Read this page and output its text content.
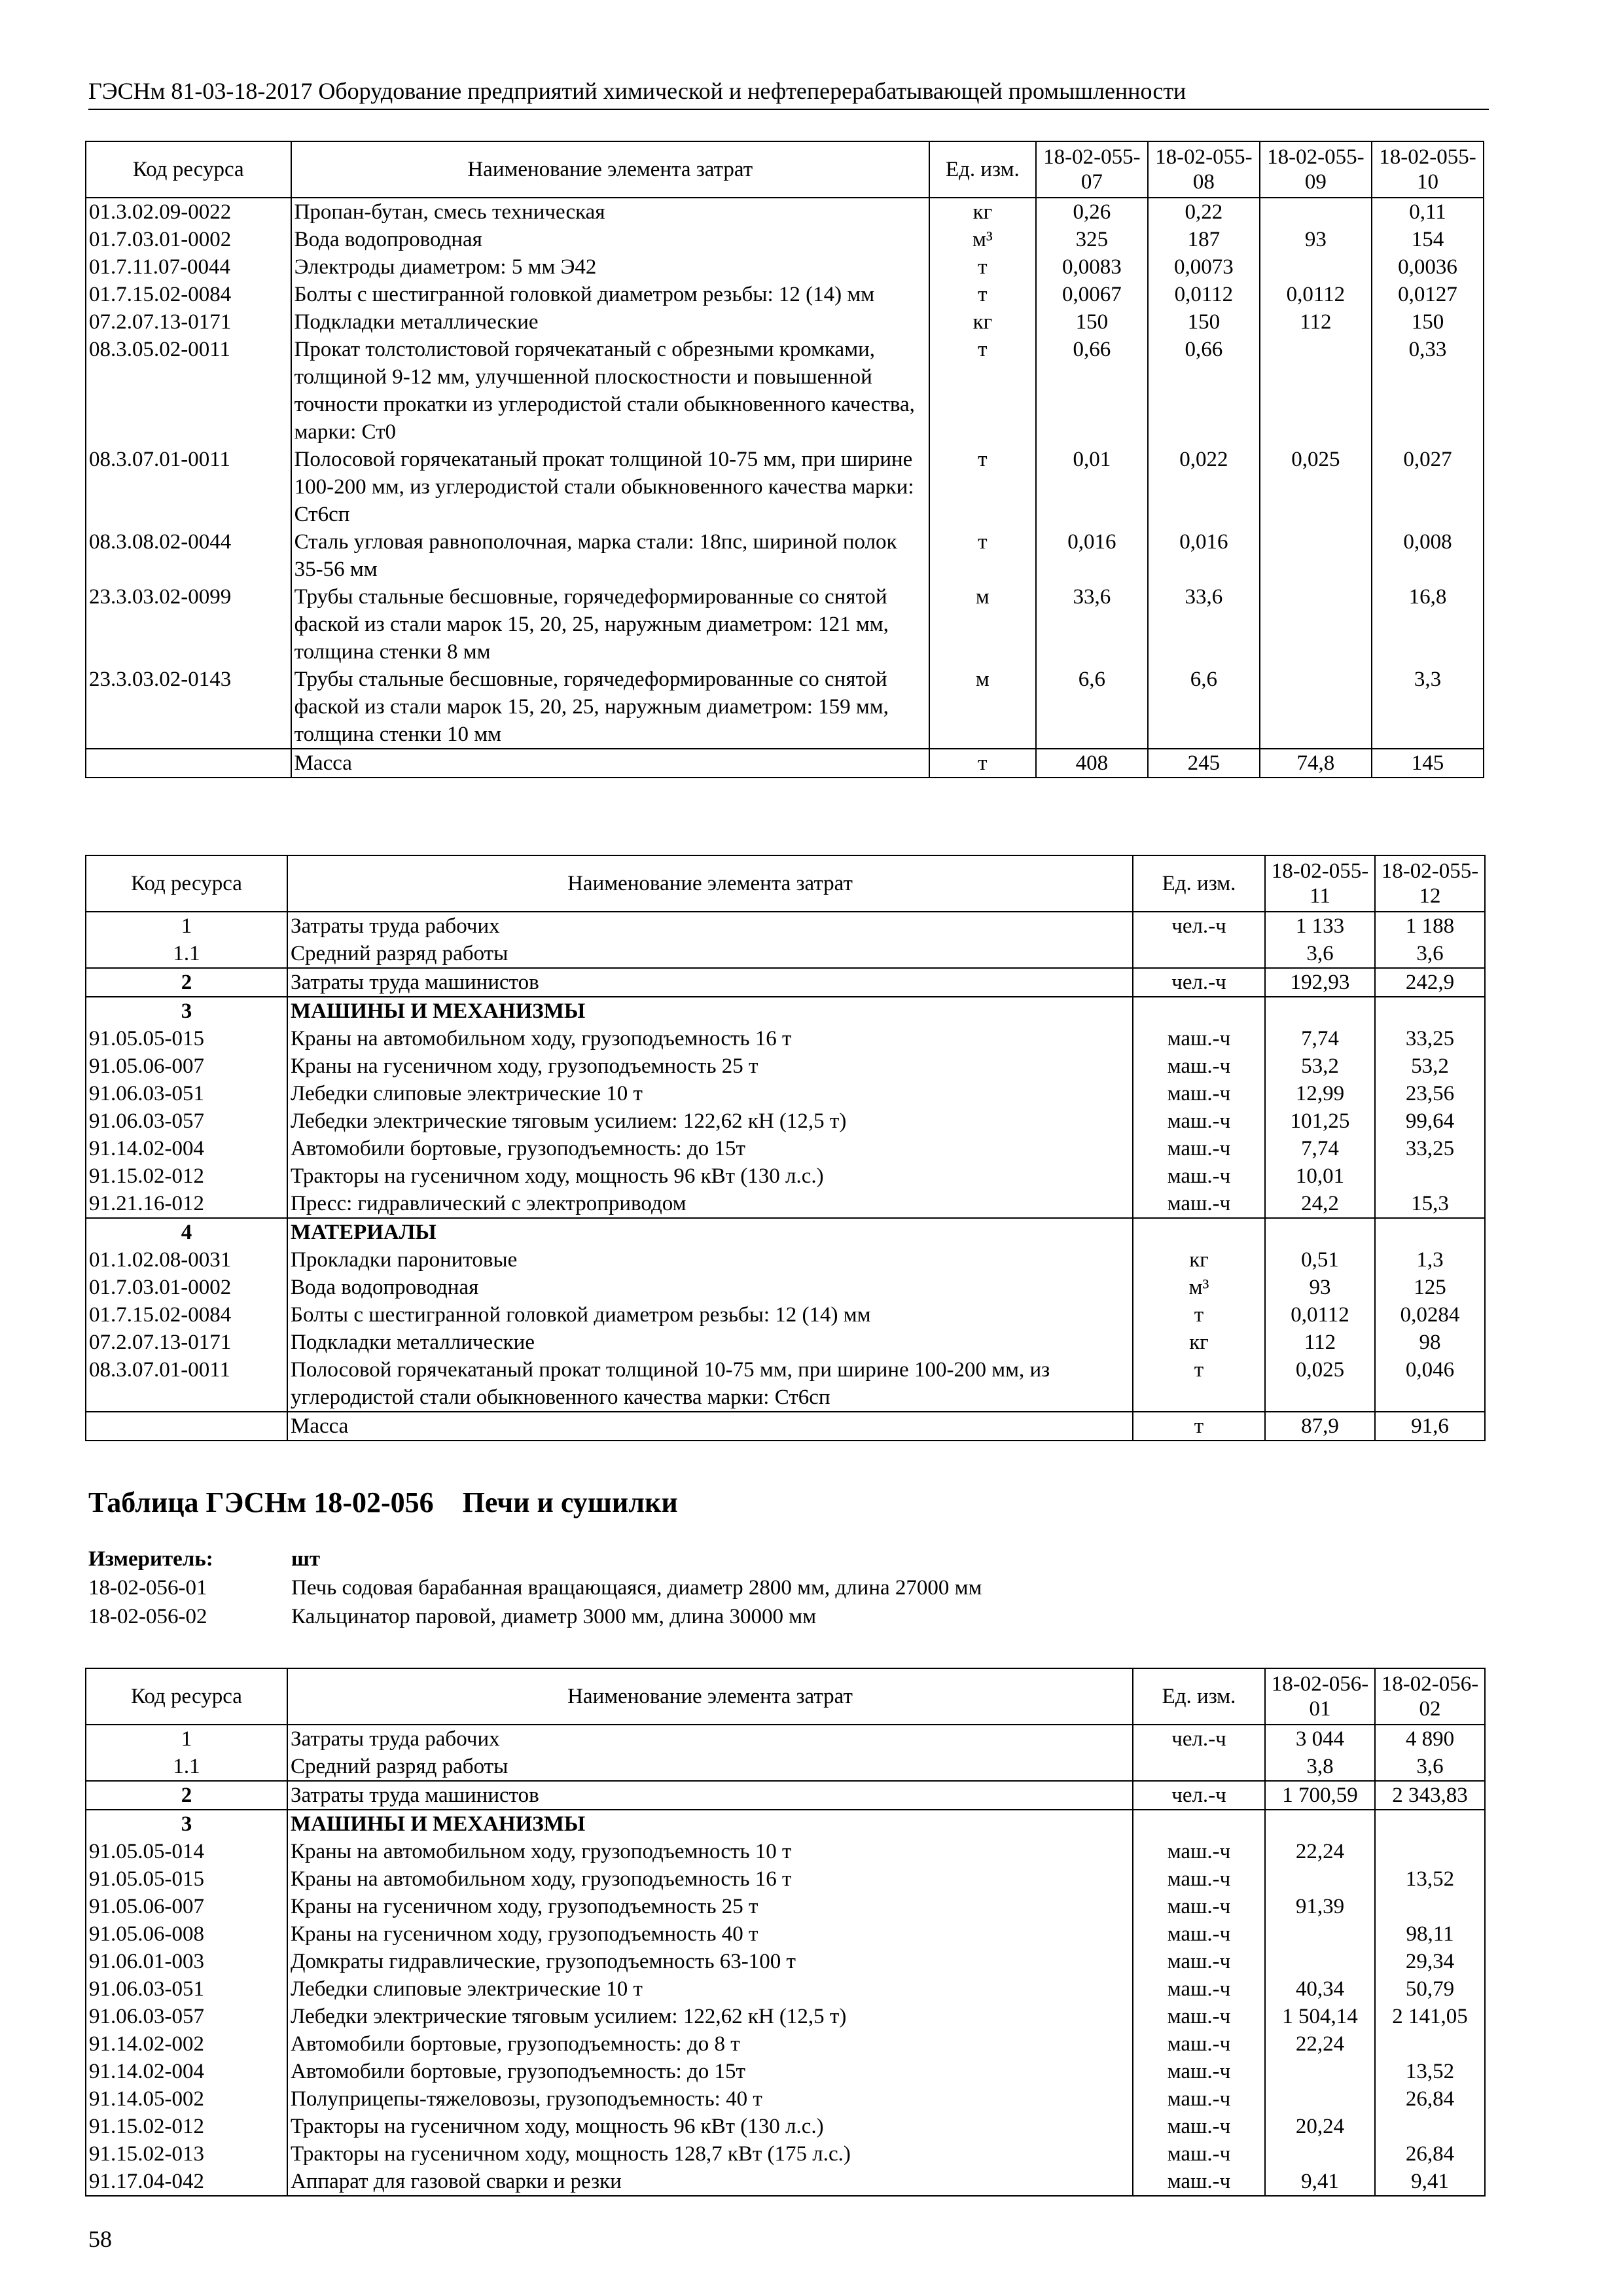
ГЭСНм 81-03-18-2017 Оборудование предприятий химической и нефтеперерабатывающей промышленности
Код ресурса	Наименование элемента затрат	Ед. изм.	18-02-055-07	18-02-055-08	18-02-055-09	18-02-055-10
01.3.02.09-0022	Пропан-бутан, смесь техническая	кг	0,26	0,22		0,11
01.7.03.01-0002	Вода водопроводная	м³	325	187	93	154
01.7.11.07-0044	Электроды диаметром: 5 мм Э42	т	0,0083	0,0073		0,0036
01.7.15.02-0084	Болты с шестигранной головкой диаметром резьбы: 12 (14) мм	т	0,0067	0,0112	0,0112	0,0127
07.2.07.13-0171	Подкладки металлические	кг	150	150	112	150
08.3.05.02-0011	Прокат толстолистовой горячекатаный с обрезными кромками, толщиной 9-12 мм, улучшенной плоскостности и повышенной точности прокатки из углеродистой стали обыкновенного качества, марки: Ст0	т	0,66	0,66		0,33
08.3.07.01-0011	Полосовой горячекатаный прокат толщиной 10-75 мм, при ширине 100-200 мм, из углеродистой стали обыкновенного качества марки: Ст6сп	т	0,01	0,022	0,025	0,027
08.3.08.02-0044	Сталь угловая равнополочная, марка стали: 18пс, шириной полок 35-56 мм	т	0,016	0,016		0,008
23.3.03.02-0099	Трубы стальные бесшовные, горячедеформированные со снятой фаской из стали марок 15, 20, 25, наружным диаметром: 121 мм, толщина стенки 8 мм	м	33,6	33,6		16,8
23.3.03.02-0143	Трубы стальные бесшовные, горячедеформированные со снятой фаской из стали марок 15, 20, 25, наружным диаметром: 159 мм, толщина стенки 10 мм	м	6,6	6,6		3,3
	Масса	т	408	245	74,8	145
Код ресурса	Наименование элемента затрат	Ед. изм.	18-02-055-11	18-02-055-12
1	Затраты труда рабочих	чел.-ч	1 133	1 188
1.1	Средний разряд работы		3,6	3,6
2	Затраты труда машинистов	чел.-ч	192,93	242,9
3	МАШИНЫ И МЕХАНИЗМЫ			
91.05.05-015	Краны на автомобильном ходу, грузоподъемность 16 т	маш.-ч	7,74	33,25
91.05.06-007	Краны на гусеничном ходу, грузоподъемность 25 т	маш.-ч	53,2	53,2
91.06.03-051	Лебедки слиповые электрические 10 т	маш.-ч	12,99	23,56
91.06.03-057	Лебедки электрические тяговым усилием: 122,62 кН (12,5 т)	маш.-ч	101,25	99,64
91.14.02-004	Автомобили бортовые, грузоподъемность: до 15т	маш.-ч	7,74	33,25
91.15.02-012	Тракторы на гусеничном ходу, мощность 96 кВт (130 л.с.)	маш.-ч	10,01	
91.21.16-012	Пресс: гидравлический с электроприводом	маш.-ч	24,2	15,3
4	МАТЕРИАЛЫ			
01.1.02.08-0031	Прокладки паронитовые	кг	0,51	1,3
01.7.03.01-0002	Вода водопроводная	м³	93	125
01.7.15.02-0084	Болты с шестигранной головкой диаметром резьбы: 12 (14) мм	т	0,0112	0,0284
07.2.07.13-0171	Подкладки металлические	кг	112	98
08.3.07.01-0011	Полосовой горячекатаный прокат толщиной 10-75 мм, при ширине 100-200 мм, из углеродистой стали обыкновенного качества марки: Ст6сп	т	0,025	0,046
	Масса	т	87,9	91,6
Таблица ГЭСНм 18-02-056    Печи и сушилки
Измеритель:	шт
18-02-056-01	Печь содовая барабанная вращающаяся, диаметр 2800 мм, длина 27000 мм
18-02-056-02	Кальцинатор паровой, диаметр 3000 мм, длина 30000 мм
Код ресурса	Наименование элемента затрат	Ед. изм.	18-02-056-01	18-02-056-02
1	Затраты труда рабочих	чел.-ч	3 044	4 890
1.1	Средний разряд работы		3,8	3,6
2	Затраты труда машинистов	чел.-ч	1 700,59	2 343,83
3	МАШИНЫ И МЕХАНИЗМЫ			
91.05.05-014	Краны на автомобильном ходу, грузоподъемность 10 т	маш.-ч	22,24	
91.05.05-015	Краны на автомобильном ходу, грузоподъемность 16 т	маш.-ч		13,52
91.05.06-007	Краны на гусеничном ходу, грузоподъемность 25 т	маш.-ч	91,39	
91.05.06-008	Краны на гусеничном ходу, грузоподъемность 40 т	маш.-ч		98,11
91.06.01-003	Домкраты гидравлические, грузоподъемность 63-100 т	маш.-ч		29,34
91.06.03-051	Лебедки слиповые электрические 10 т	маш.-ч	40,34	50,79
91.06.03-057	Лебедки электрические тяговым усилием: 122,62 кН (12,5 т)	маш.-ч	1 504,14	2 141,05
91.14.02-002	Автомобили бортовые, грузоподъемность: до 8 т	маш.-ч	22,24	
91.14.02-004	Автомобили бортовые, грузоподъемность: до 15т	маш.-ч		13,52
91.14.05-002	Полуприцепы-тяжеловозы, грузоподъемность: 40 т	маш.-ч		26,84
91.15.02-012	Тракторы на гусеничном ходу, мощность 96 кВт (130 л.с.)	маш.-ч	20,24	
91.15.02-013	Тракторы на гусеничном ходу, мощность 128,7 кВт (175 л.с.)	маш.-ч		26,84
91.17.04-042	Аппарат для газовой сварки и резки	маш.-ч	9,41	9,41
58
